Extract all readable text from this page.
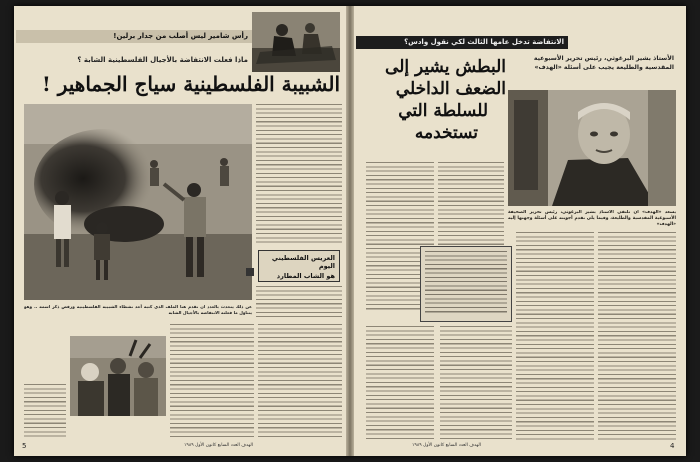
رأس شامير ليس أصلب من جدار برلين!
ماذا فعلت الانتفاضة بالأجيال الفلسطينية الشابة ؟
الشبيبة الفلسطينية سياج الجماهير !
العريس الفلسطيني اليوم
هو الشاب المطارد
عن ذلك يتحدث بالعدد ان نقدم هنا الملف الذي كتبه أحد نشطاء الشبيبة الفلسطينية ورفض ذكر اسمه .. وهو يتناول ما فعلته الانتفاضة بالأجيال الشابة
5	الهدف العدد السابع كانون الأول ١٩٨٩
الانتفاضة تدخل عامها الثالث لكي نقول وادس؟
الأستاذ بشير البرغوثي، رئيس تحرير الأسبوعية المقدسية والطليعة يجيب على أسئلة «الهدف»
البطش يشير إلى
الضعف الداخلي
للسلطة التي
تستخدمه
يسعد «الهدف» أن تلتقي الأستاذ بشير البرغوثي، رئيس تحرير الصحيفة الأسبوعية المقدسية والطليعة، وفيما يلي نقدم أجوبته على أسئلة وجهتها إليه «الهدف»
4
الهدف العدد السابع كانون الأول ١٩٨٩
